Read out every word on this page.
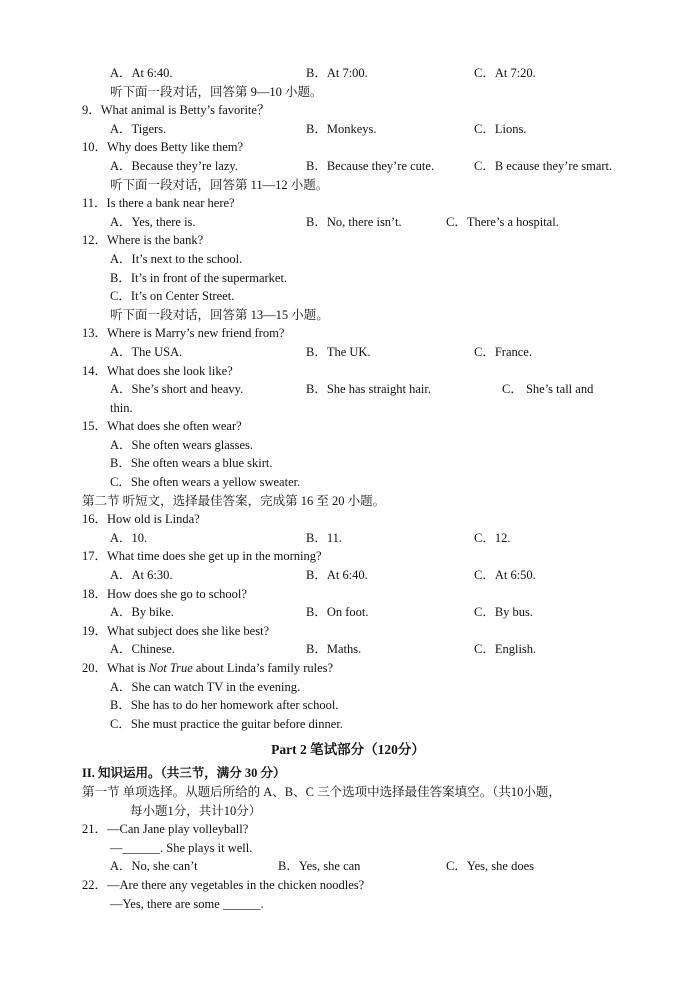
A．At 6:40.	B．At 7:00.	C．At 7:20.
听下面一段对话，回答第 9—10 小题。
9．What animal is Betty’s favorite？
A．Tigers.	B．Monkeys.	C．Lions.
10．Why does Betty like them?
A．Because they’re lazy.	B．Because they’re cute.	C．B ecause they’re smart.
听下面一段对话，回答第 11—12 小题。
11．Is there a bank near here?
A．Yes, there is.	B．No, there isn’t.	C．There’s a hospital.
12．Where is the bank?
A．It’s next to the school.
B．It’s in front of the supermarket.
C．It’s on Center Street.
听下面一段对话，回答第 13—15 小题。
13．Where is Marry’s new friend from?
A．The USA.	B．The UK.	C．France.
14．What does she look like?
A．She’s short and heavy.	B．She has straight hair.	C． She’s tall and
thin.
15．What does she often wear?
A．She often wears glasses.
B．She often wears a blue skirt.
C．She often wears a yellow sweater.
第二节 听短文，选择最佳答案，完成第 16 至 20 小题。
16．How old is Linda?
A．10.	B．11.	C．12.
17．What time does she get up in the morning?
A．At 6:30.	B．At 6:40.	C．At 6:50.
18．How does she go to school?
A．By bike.	B．On foot.	C．By bus.
19．What subject does she like best?
A．Chinese.	B．Maths.	C．English.
20．What is Not True about Linda’s family rules?
A．She can watch TV in the evening.
B．She has to do her homework after school.
C．She must practice the guitar before dinner.
Part 2 笔试部分（120分）
II. 知识运用。（共三节，满分 30 分）
第一节 单项选择。从题后所给的 A、B、C 三个选项中选择最佳答案填空。（共10小题，
每小题1分，共计10分）
21．—Can Jane play volleyball?
—______. She plays it well.
A．No, she can’t	B．Yes, she can	C．Yes, she does
22．—Are there any vegetables in the chicken noodles?
—Yes, there are some ______.
